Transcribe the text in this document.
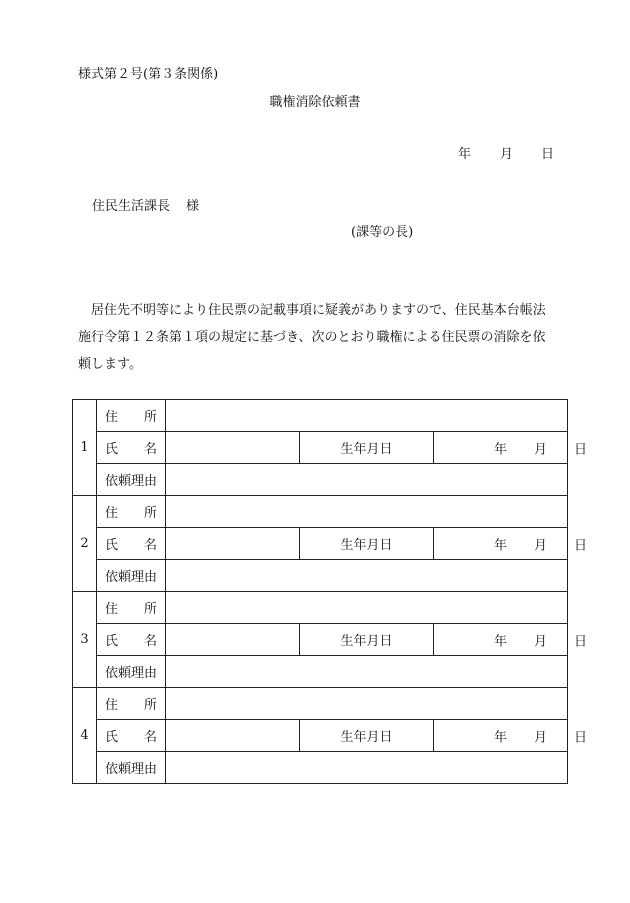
様式第２号(第３条関係)
職権消除依頼書
年 月 日
住民生活課長 様
(課等の長)
居住先不明等により住民票の記載事項に疑義がありますので、住民基本台帳法
施行令第１２条第１項の規定に基づき、次のとおり職権による住民票の消除を依
頼します。
1	住 所			

	氏 名		生年月日	年 月 日

	依頼理由			
2	住 所			

	氏 名		生年月日	年 月 日

	依頼理由			
3	住 所			

	氏 名		生年月日	年 月 日

	依頼理由			
4	住 所			

	氏 名		生年月日	年 月 日

	依頼理由			
